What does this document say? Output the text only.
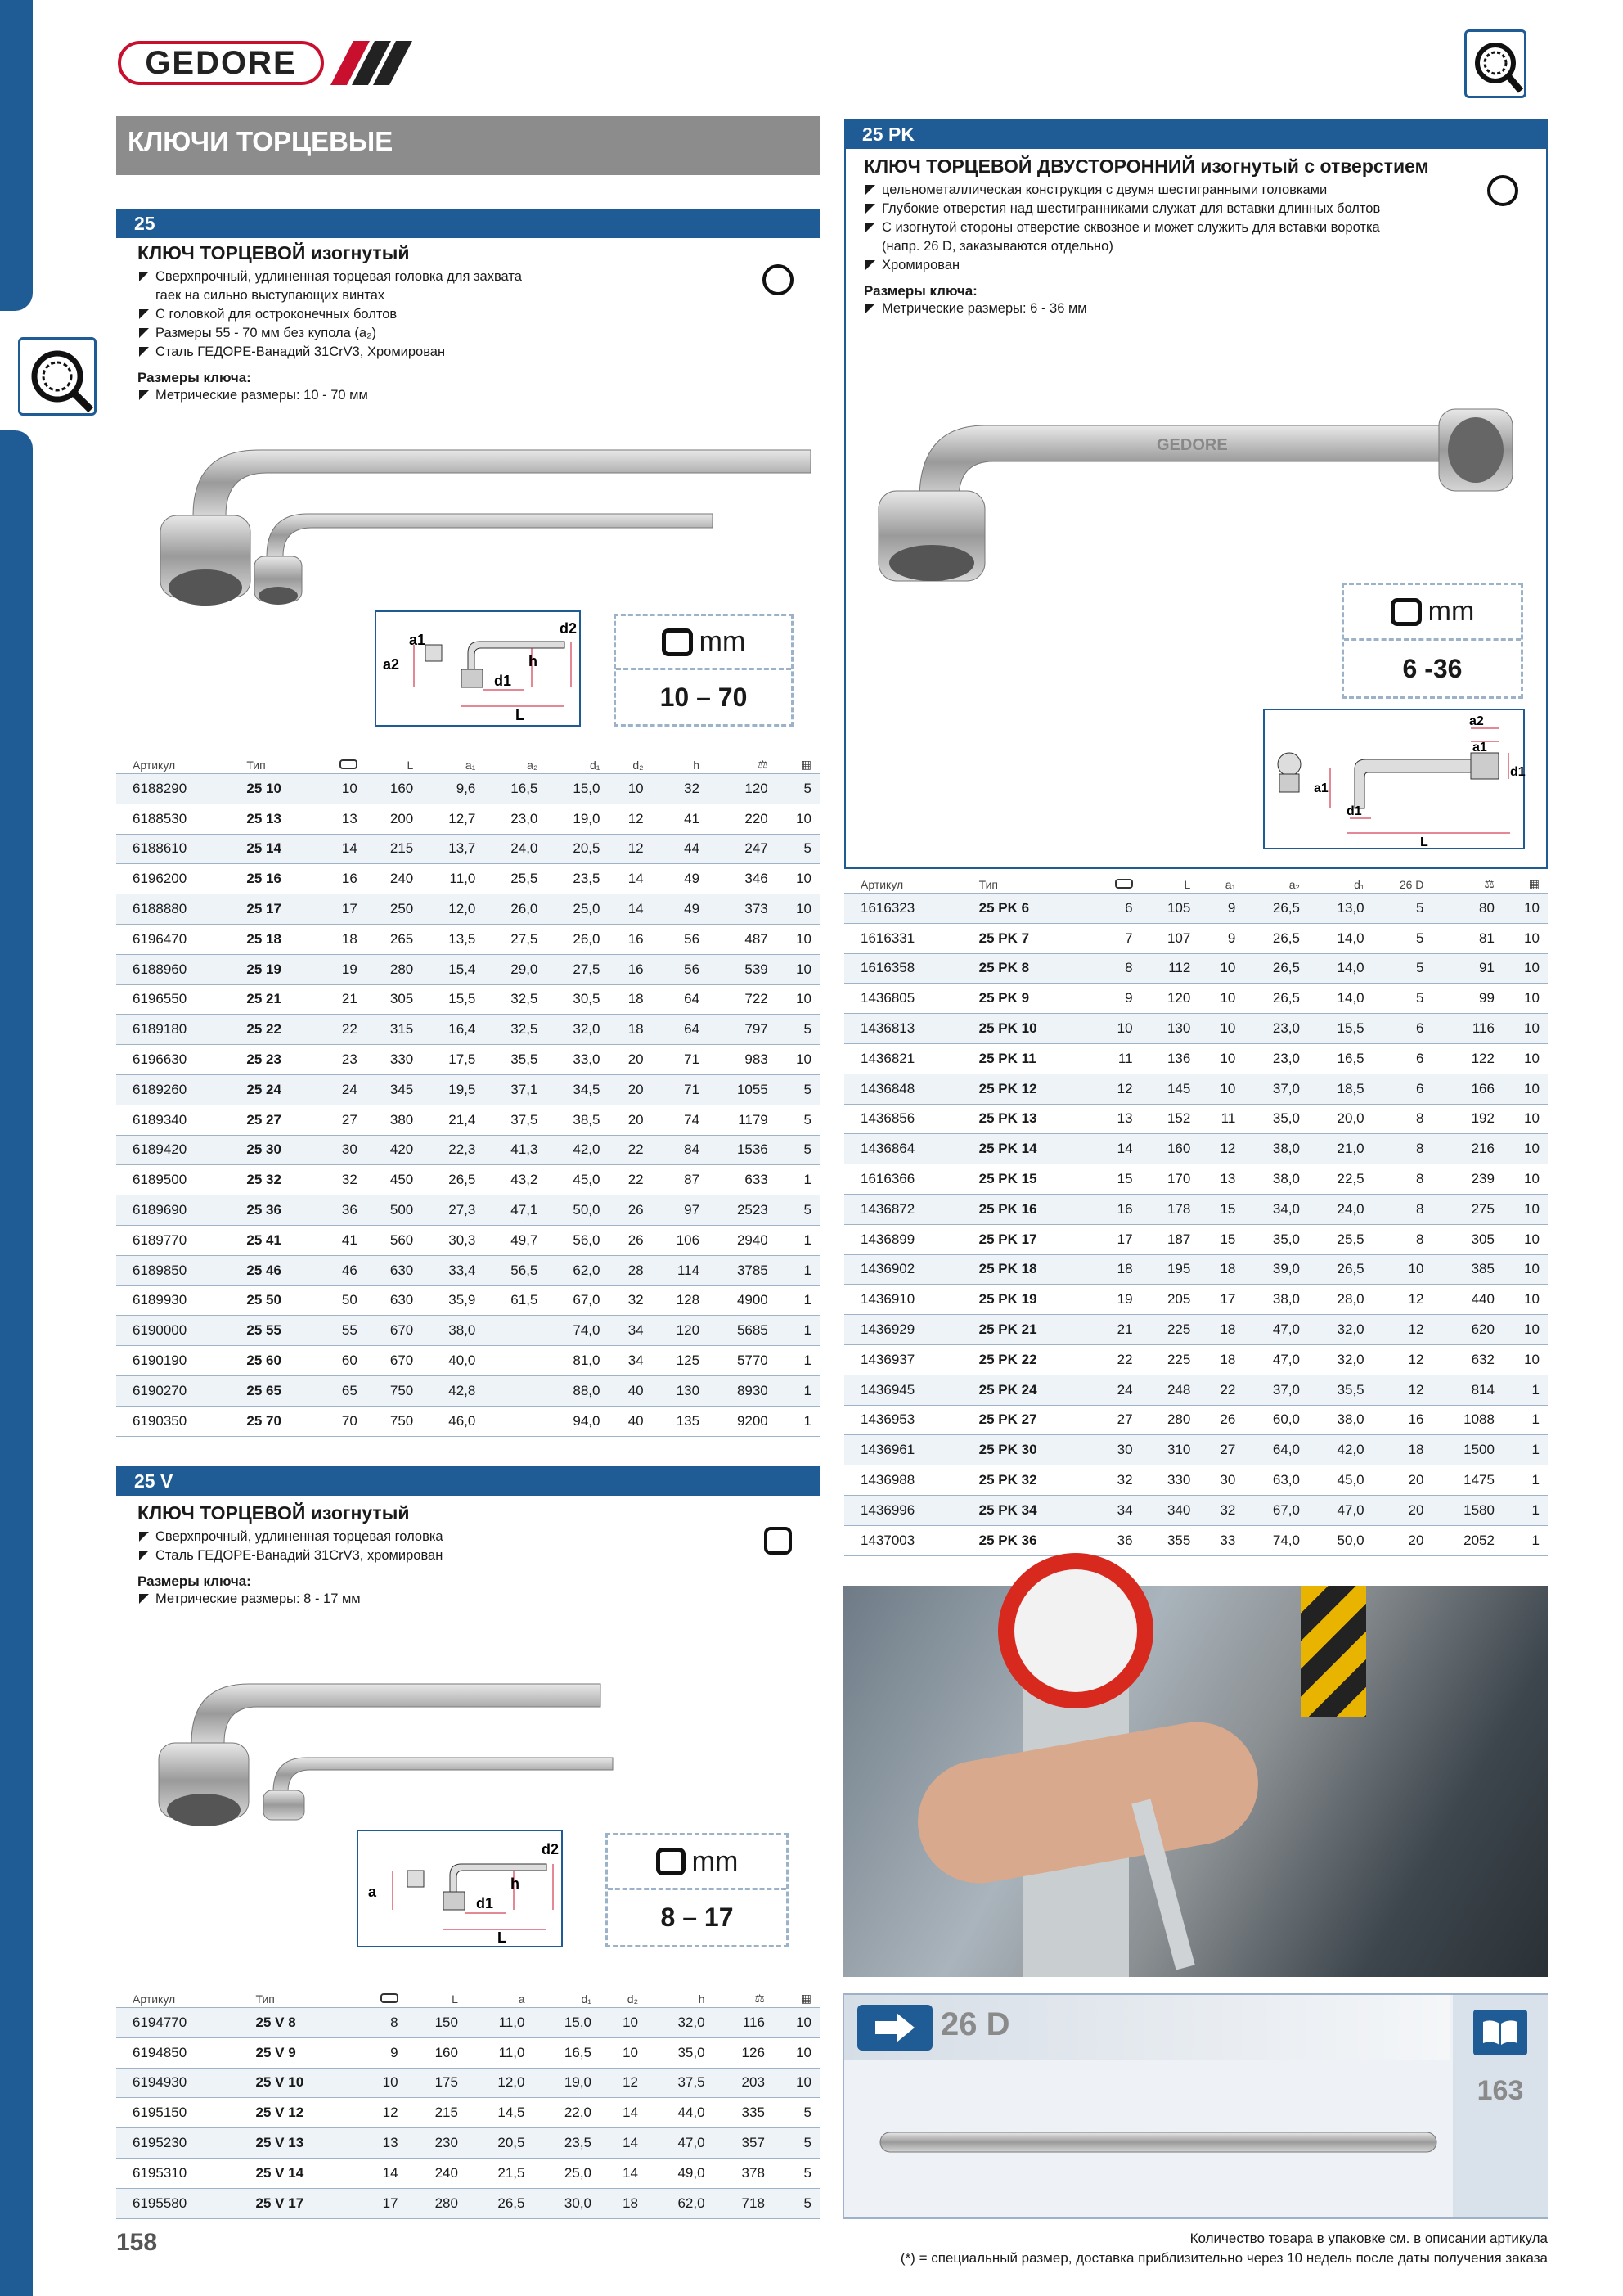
GEDORE
КЛЮЧИ ТОРЦЕВЫЕ
25
КЛЮЧ ТОРЦЕВОЙ изогнутый
Сверхпрочный, удлиненная торцевая головка для захвата
гаек на сильно выступающих винтах
С головкой для остроконечных болтов
Размеры 55 - 70 мм без купола (a₂)
Сталь ГЕДОРЕ-Ванадий 31CrV3, Хромирован
Размеры ключа:
Метрические размеры: 10 - 70 мм
a1
a2
d2
h
d1
L
mm
10 – 70
Артикул	Тип		L	a₁	a₂	d₁	d₂	h	⚖	▦
6188290	25 10	10	160	9,6	16,5	15,0	10	32	120	5
6188530	25 13	13	200	12,7	23,0	19,0	12	41	220	10
6188610	25 14	14	215	13,7	24,0	20,5	12	44	247	5
6196200	25 16	16	240	11,0	25,5	23,5	14	49	346	10
6188880	25 17	17	250	12,0	26,0	25,0	14	49	373	10
6196470	25 18	18	265	13,5	27,5	26,0	16	56	487	10
6188960	25 19	19	280	15,4	29,0	27,5	16	56	539	10
6196550	25 21	21	305	15,5	32,5	30,5	18	64	722	10
6189180	25 22	22	315	16,4	32,5	32,0	18	64	797	5
6196630	25 23	23	330	17,5	35,5	33,0	20	71	983	10
6189260	25 24	24	345	19,5	37,1	34,5	20	71	1055	5
6189340	25 27	27	380	21,4	37,5	38,5	20	74	1179	5
6189420	25 30	30	420	22,3	41,3	42,0	22	84	1536	5
6189500	25 32	32	450	26,5	43,2	45,0	22	87	633	1
6189690	25 36	36	500	27,3	47,1	50,0	26	97	2523	5
6189770	25 41	41	560	30,3	49,7	56,0	26	106	2940	1
6189850	25 46	46	630	33,4	56,5	62,0	28	114	3785	1
6189930	25 50	50	630	35,9	61,5	67,0	32	128	4900	1
6190000	25 55	55	670	38,0		74,0	34	120	5685	1
6190190	25 60	60	670	40,0		81,0	34	125	5770	1
6190270	25 65	65	750	42,8		88,0	40	130	8930	1
6190350	25 70	70	750	46,0		94,0	40	135	9200	1
25 V
КЛЮЧ ТОРЦЕВОЙ изогнутый
Сверхпрочный, удлиненная торцевая головка
Сталь ГЕДОРЕ-Ванадий 31CrV3, хромирован
Размеры ключа:
Метрические размеры: 8 - 17 мм
a
d2
h
d1
L
mm
8 – 17
Артикул	Тип		L	a	d₁	d₂	h	⚖	▦
6194770	25 V 8	8	150	11,0	15,0	10	32,0	116	10
6194850	25 V 9	9	160	11,0	16,5	10	35,0	126	10
6194930	25 V 10	10	175	12,0	19,0	12	37,5	203	10
6195150	25 V 12	12	215	14,5	22,0	14	44,0	335	5
6195230	25 V 13	13	230	20,5	23,5	14	47,0	357	5
6195310	25 V 14	14	240	21,5	25,0	14	49,0	378	5
6195580	25 V 17	17	280	26,5	30,0	18	62,0	718	5
25 PK
КЛЮЧ ТОРЦЕВОЙ ДВУСТОРОННИЙ изогнутый с отверстием
цельнометаллическая конструкция с двумя шестигранными головками
Глубокие отверстия над шестигранниками служат для вставки длинных болтов
С изогнутой стороны отверстие сквозное и может служить для вставки воротка
(напр. 26 D, заказываются отдельно)
Хромирован
Размеры ключа:
Метрические размеры: 6 - 36 мм
GEDORE
mm
6 -36
a2
a1
a1
d1
d1
L
Артикул	Тип		L	a₁	a₂	d₁	26 D	⚖	▦
1616323	25 PK 6	6	105	9	26,5	13,0	5	80	10
1616331	25 PK 7	7	107	9	26,5	14,0	5	81	10
1616358	25 PK 8	8	112	10	26,5	14,0	5	91	10
1436805	25 PK 9	9	120	10	26,5	14,0	5	99	10
1436813	25 PK 10	10	130	10	23,0	15,5	6	116	10
1436821	25 PK 11	11	136	10	23,0	16,5	6	122	10
1436848	25 PK 12	12	145	10	37,0	18,5	6	166	10
1436856	25 PK 13	13	152	11	35,0	20,0	8	192	10
1436864	25 PK 14	14	160	12	38,0	21,0	8	216	10
1616366	25 PK 15	15	170	13	38,0	22,5	8	239	10
1436872	25 PK 16	16	178	15	34,0	24,0	8	275	10
1436899	25 PK 17	17	187	15	35,0	25,5	8	305	10
1436902	25 PK 18	18	195	18	39,0	26,5	10	385	10
1436910	25 PK 19	19	205	17	38,0	28,0	12	440	10
1436929	25 PK 21	21	225	18	47,0	32,0	12	620	10
1436937	25 PK 22	22	225	18	47,0	32,0	12	632	10
1436945	25 PK 24	24	248	22	37,0	35,5	12	814	1
1436953	25 PK 27	27	280	26	60,0	38,0	16	1088	1
1436961	25 PK 30	30	310	27	64,0	42,0	18	1500	1
1436988	25 PK 32	32	330	30	63,0	45,0	20	1475	1
1436996	25 PK 34	34	340	32	67,0	47,0	20	1580	1
1437003	25 PK 36	36	355	33	74,0	50,0	20	2052	1
26 D
163
158	Количество товара в упаковке см. в описании артикула
(*) = специальный размер, доставка приблизительно через 10 недель после даты получения заказа
